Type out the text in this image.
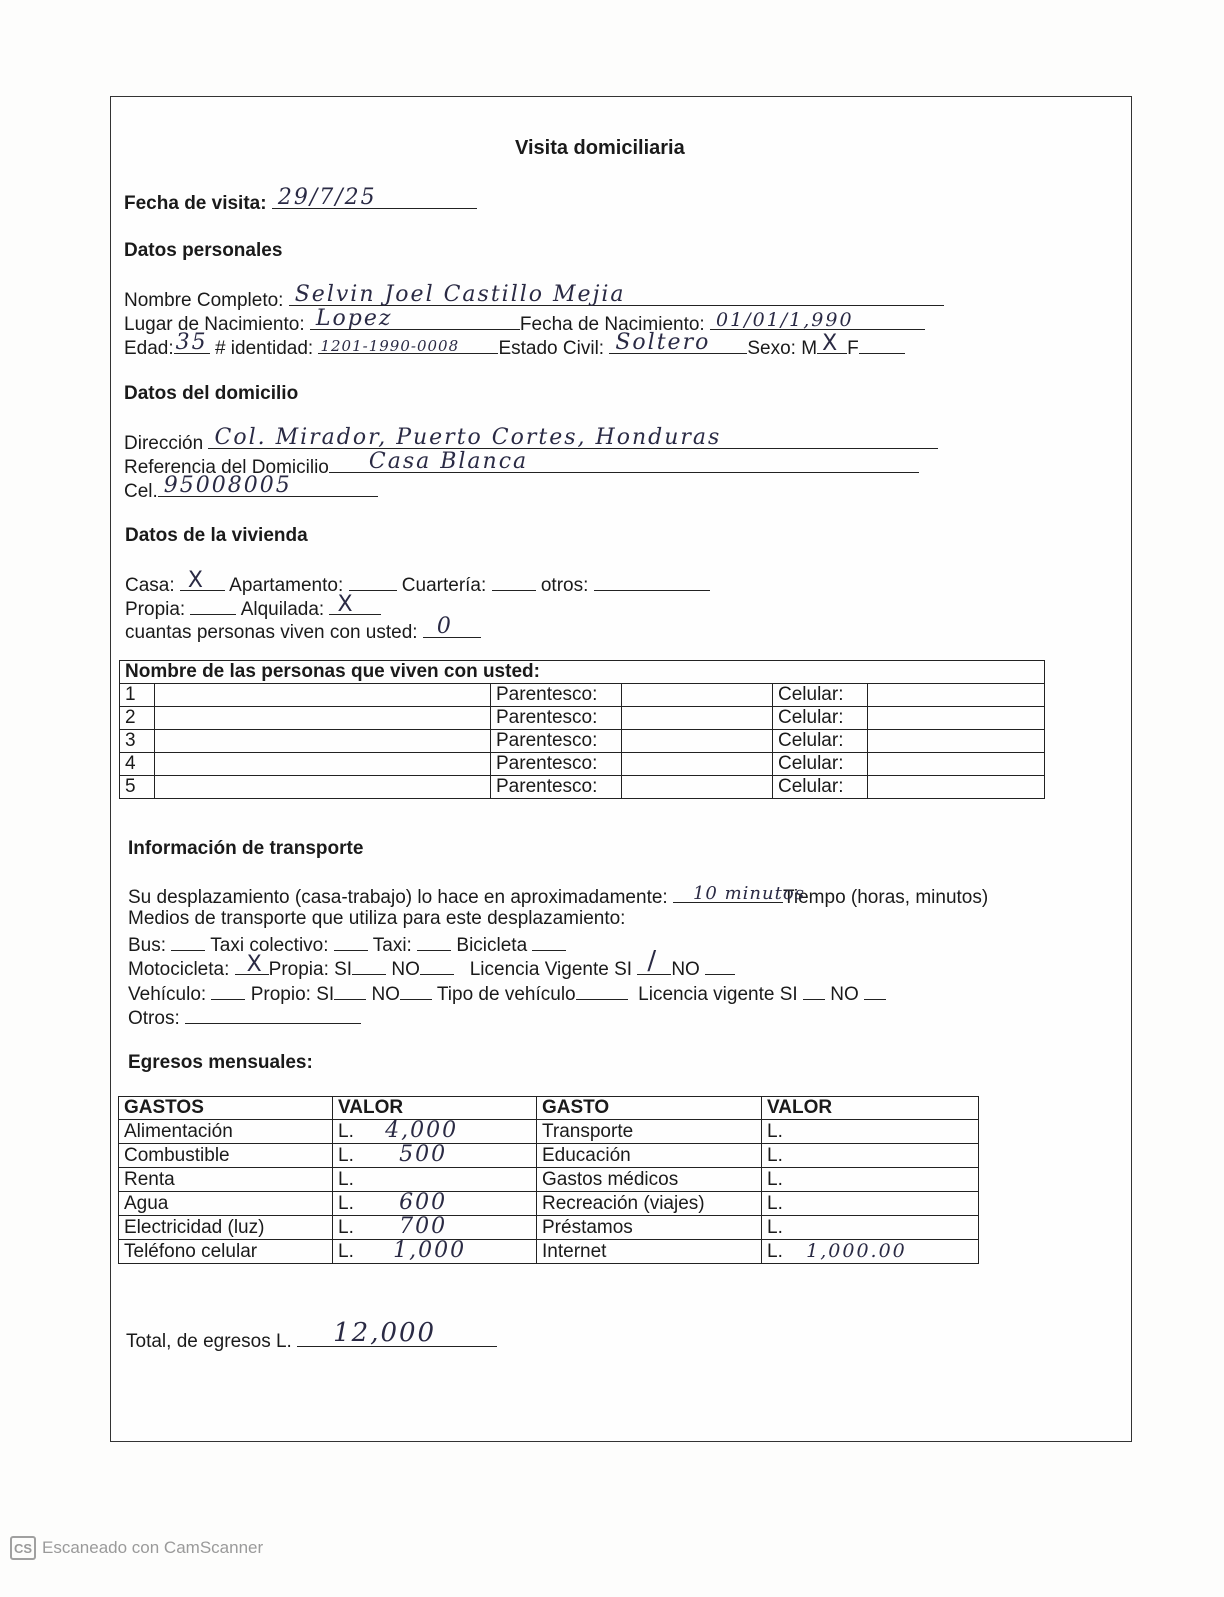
Visita domiciliaria
Fecha de visita: 29/7/25
Datos personales
Nombre Completo: Selvin Joel Castillo Mejia
Lugar de Nacimiento: Lopez	Fecha de Nacimiento: 01/01/1,990
Edad: 35 # identidad: 1201-1990-0008 Estado Civil: Soltero Sexo: M X F
Datos del domicilio
Dirección Col. Mirador, Puerto Cortes, Honduras
Referencia del Domicilio Casa Blanca
Cel. 95008005
Datos de la vivienda
Casa: X Apartamento:	Cuartería:	otros:
Propia:	Alquilada: X
cuantas personas viven con usted: 0
Nombre de las personas que viven con usted:					
1		Parentesco:		Celular:	
2		Parentesco:		Celular:	
3		Parentesco:		Celular:	
4		Parentesco:		Celular:	
5		Parentesco:		Celular:	
Información de transporte
Su desplazamiento (casa-trabajo) lo hace en aproximadamente: 10 minutos
Tiempo (horas, minutos)
Medios de transporte que utiliza para este desplazamiento:
Bus: Taxi colectivo: Taxi: Bicicleta
Motocicleta: X Propia: SI NO	Licencia Vigente SI / NO
Vehículo: Propio: SI NO Tipo de vehículo	Licencia vigente SI NO
Otros:
Egresos mensuales:
GASTOS	VALOR	GASTO	VALOR
Alimentación	L. 4,000	Transporte	L.
Combustible	L. 500	Educación	L.
Renta	L.	Gastos médicos	L.
Agua	L. 600	Recreación (viajes)	L.
Electricidad (luz)	L. 700	Préstamos	L.
Teléfono celular	L. 1,000	Internet	L. 1,000.00
Total, de egresos L. 12,000
CS Escaneado con CamScanner
